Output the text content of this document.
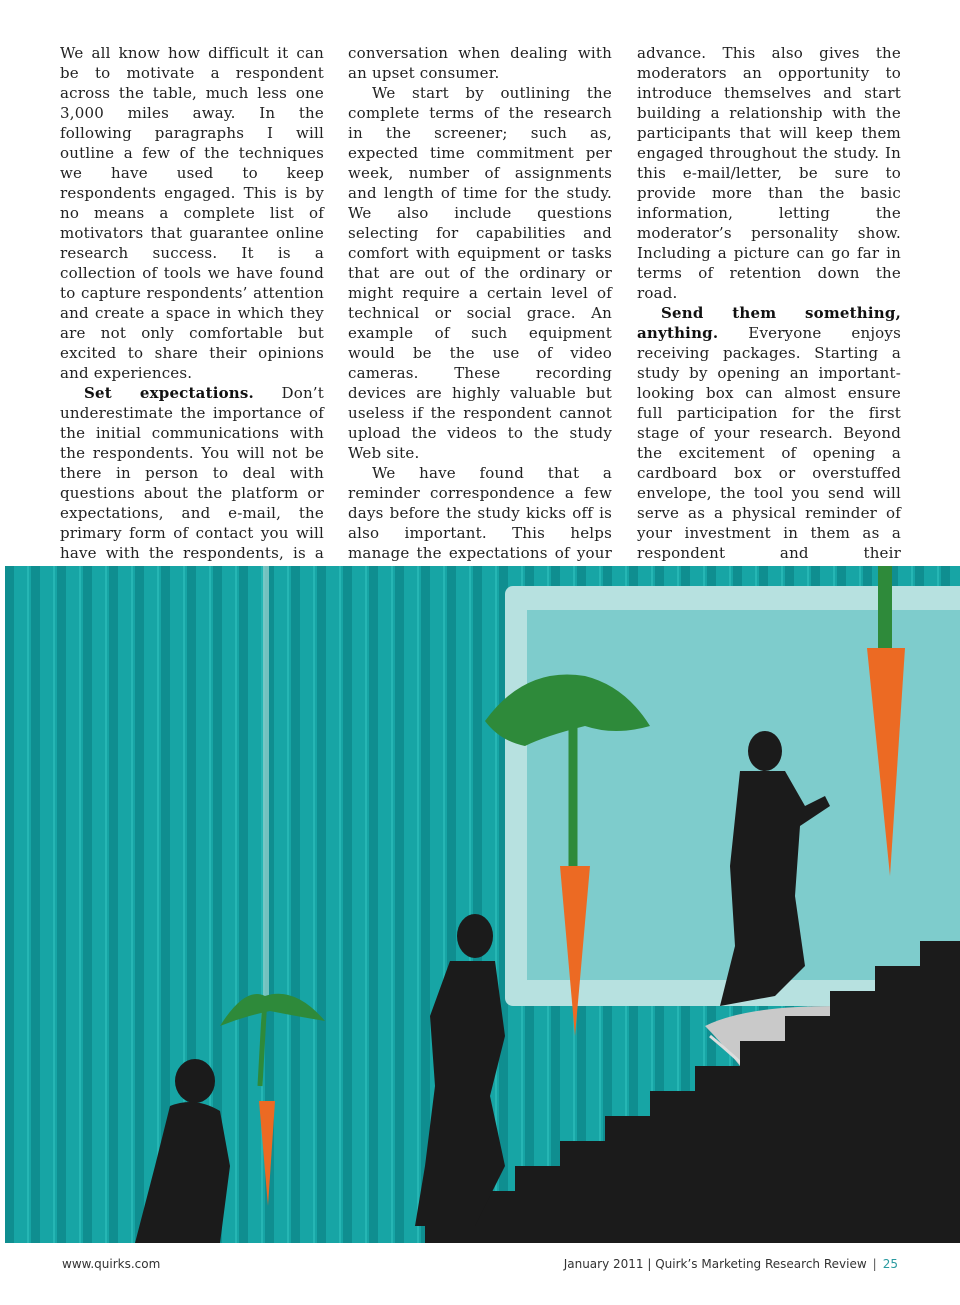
We all know how difficult it can be to motivate a respondent across the table, much less one 3,000 miles away. In the following paragraphs I will outline a few of the techniques we have used to keep respondents engaged. This is by no means a complete list of motivators that guarantee online research success. It is a collection of tools we have found to capture respondents’ attention and create a space in which they are not only comfortable but excited to share their opinions and experiences.

Set expectations. Don’t underestimate the importance of the initial communications with the respondents. You will not be there in person to deal with questions about the platform or expectations, and e-mail, the primary form of contact you will have with the respondents, is a

conversation when dealing with an upset consumer.

We start by outlining the complete terms of the research in the screener; such as, expected time commitment per week, number of assignments and length of time for the study. We also include questions selecting for capabilities and comfort with equipment or tasks that are out of the ordinary or might require a certain level of technical or social grace. An example of such equipment would be the use of video cameras. These recording devices are highly valuable but useless if the respondent cannot upload the videos to the study Web site.

We have found that a reminder correspondence a few days before the study kicks off is also important. This helps manage the expectations of your

advance. This also gives the moderators an opportunity to introduce themselves and start building a relationship with the participants that will keep them engaged throughout the study. In this e-mail/letter, be sure to provide more than the basic information, letting the moderator’s personality show. Including a picture can go far in terms of retention down the road.

Send them something, anything. Everyone enjoys receiving packages. Starting a study by opening an important-looking box can almost ensure full participation for the first stage of your research. Beyond the excitement of opening a cardboard box or overstuffed envelope, the tool you send will serve as a physical reminder of your investment in them as a respondent and their

www.quirks.com	January 2011 | Quirk’s Marketing Research Review | 25
